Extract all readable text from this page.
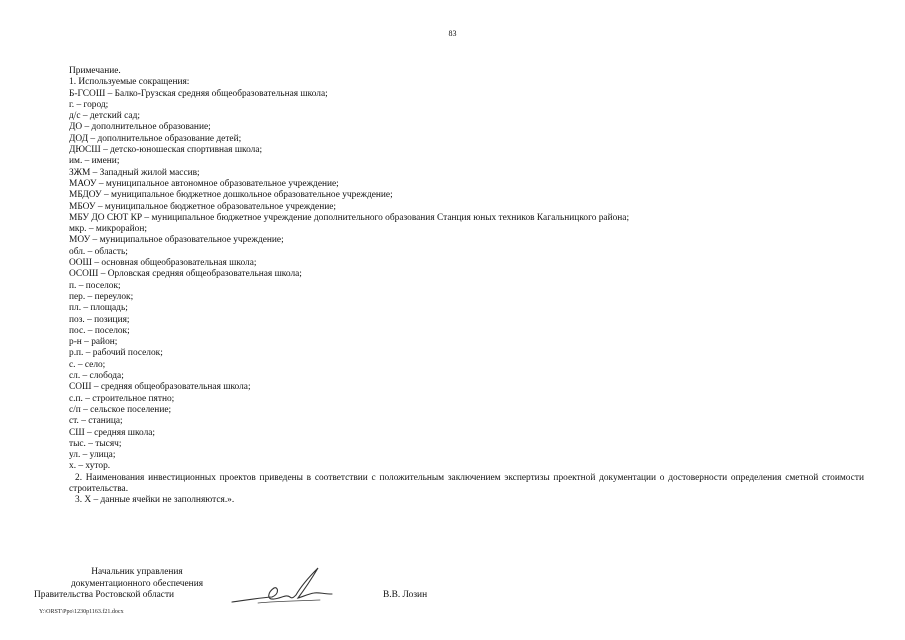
83
Примечание.
1. Используемые сокращения:
Б-ГСОШ – Балко-Грузская средняя общеобразовательная школа;
г. – город;
д/с – детский сад;
ДО – дополнительное образование;
ДОД – дополнительное образование детей;
ДЮСШ – детско-юношеская спортивная школа;
им. – имени;
ЗЖМ – Западный жилой массив;
МАОУ – муниципальное автономное образовательное учреждение;
МБДОУ – муниципальное бюджетное дошкольное образовательное учреждение;
МБОУ – муниципальное бюджетное образовательное учреждение;
МБУ ДО СЮТ КР – муниципальное бюджетное учреждение дополнительного образования Станция юных техников Кагальницкого района;
мкр. – микрорайон;
МОУ – муниципальное образовательное учреждение;
обл. – область;
ООШ – основная общеобразовательная школа;
ОСОШ – Орловская средняя общеобразовательная школа;
п. – поселок;
пер. – переулок;
пл. – площадь;
поз. – позиция;
пос. – поселок;
р-н – район;
р.п. – рабочий поселок;
с. – село;
сл. – слобода;
СОШ – средняя общеобразовательная школа;
с.п. – строительное пятно;
с/п – сельское поселение;
ст. – станица;
СШ – средняя школа;
тыс. – тысяч;
ул. – улица;
х. – хутор.
2. Наименования инвестиционных проектов приведены в соответствии с положительным заключением экспертизы проектной документации о достоверности определения сметной стоимости строительства.
3. Х – данные ячейки не заполняются.».
Начальник управления
документационного обеспечения
Правительства Ростовской области	В.В. Лозин
Y:\ORST\Ppo\1230p1163.f21.docx
